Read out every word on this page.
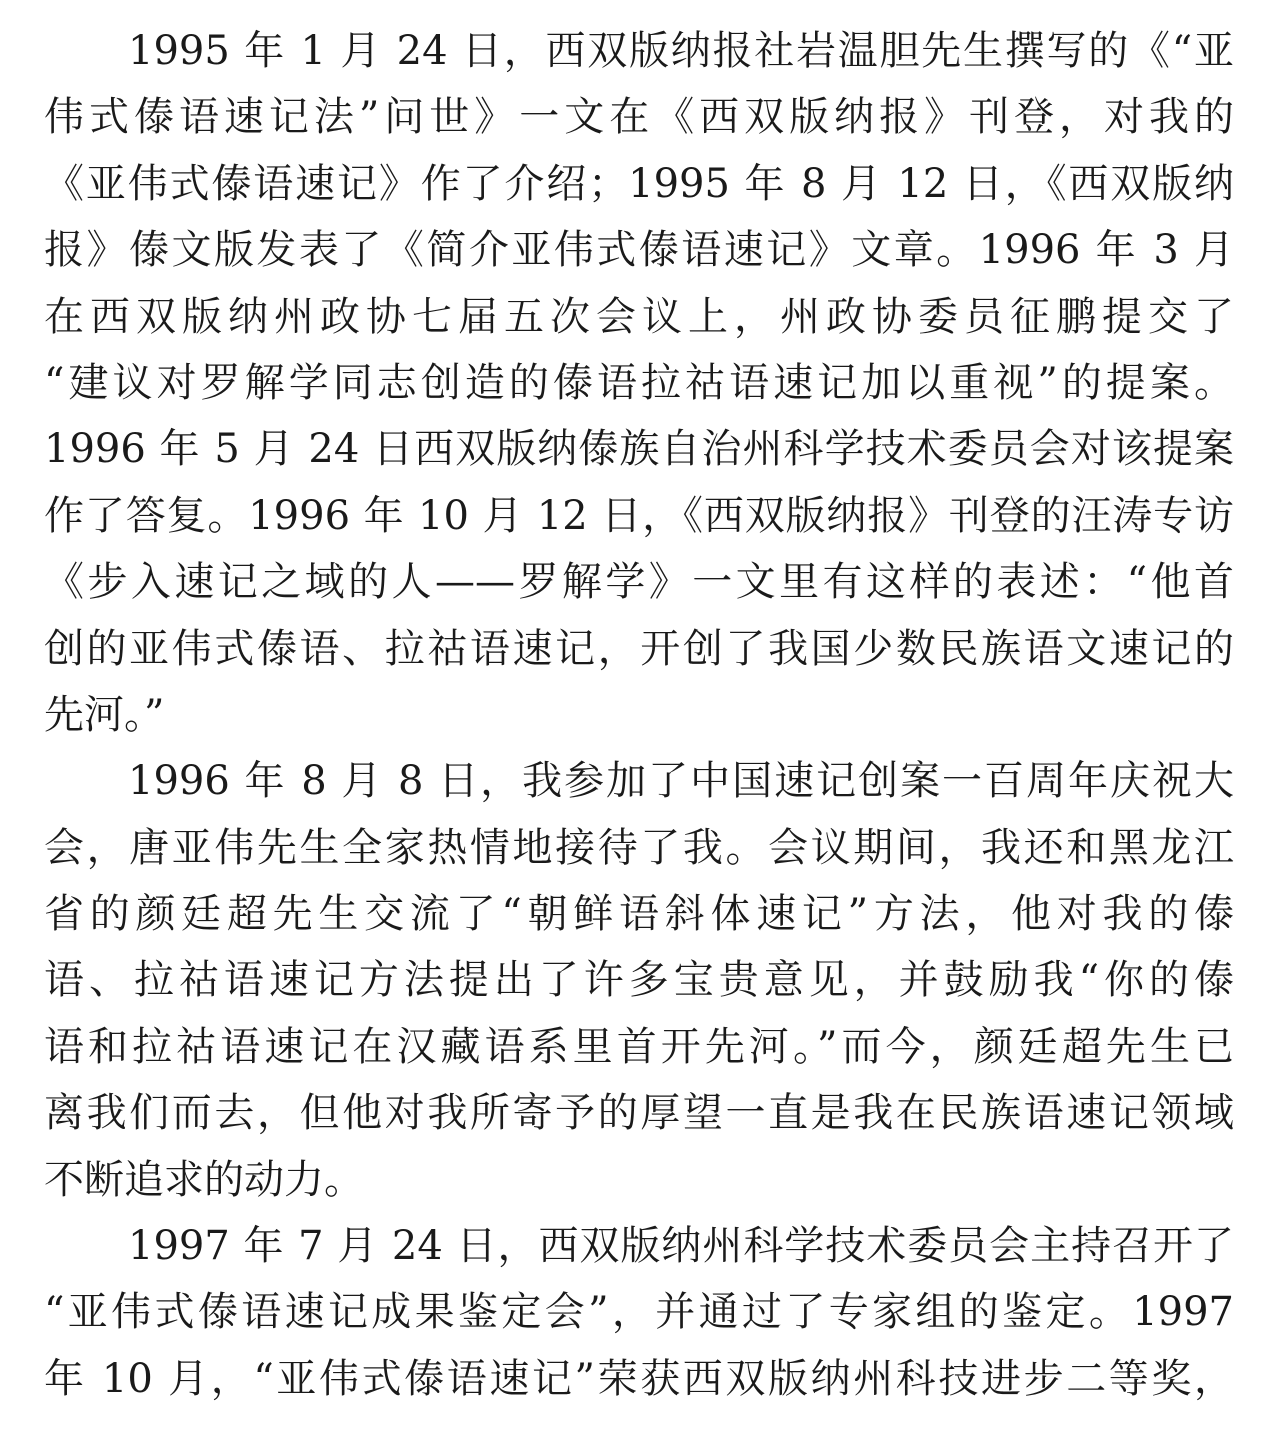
1995 年 1 月 24 日，西双版纳报社岩温胆先生撰写的《“亚
伟式傣语速记法”问世》一文在《西双版纳报》刊登，对我的
《亚伟式傣语速记》作了介绍；1995 年 8 月 12 日，《西双版纳
报》傣文版发表了《简介亚伟式傣语速记》文章。1996 年 3 月
在西双版纳州政协七届五次会议上，州政协委员征鹏提交了
“建议对罗解学同志创造的傣语拉祜语速记加以重视”的提案。
1996 年 5 月 24 日西双版纳傣族自治州科学技术委员会对该提案
作了答复。1996 年 10 月 12 日，《西双版纳报》刊登的汪涛专访
《步入速记之域的人——罗解学》一文里有这样的表述：“他首
创的亚伟式傣语、拉祜语速记，开创了我国少数民族语文速记的
先河。”
1996 年 8 月 8 日，我参加了中国速记创案一百周年庆祝大
会，唐亚伟先生全家热情地接待了我。会议期间，我还和黑龙江
省的颜廷超先生交流了“朝鲜语斜体速记”方法，他对我的傣
语、拉祜语速记方法提出了许多宝贵意见，并鼓励我“你的傣
语和拉祜语速记在汉藏语系里首开先河。”而今，颜廷超先生已
离我们而去，但他对我所寄予的厚望一直是我在民族语速记领域
不断追求的动力。
1997 年 7 月 24 日，西双版纳州科学技术委员会主持召开了
“亚伟式傣语速记成果鉴定会”，并通过了专家组的鉴定。1997
年 10 月，“亚伟式傣语速记”荣获西双版纳州科技进步二等奖，
